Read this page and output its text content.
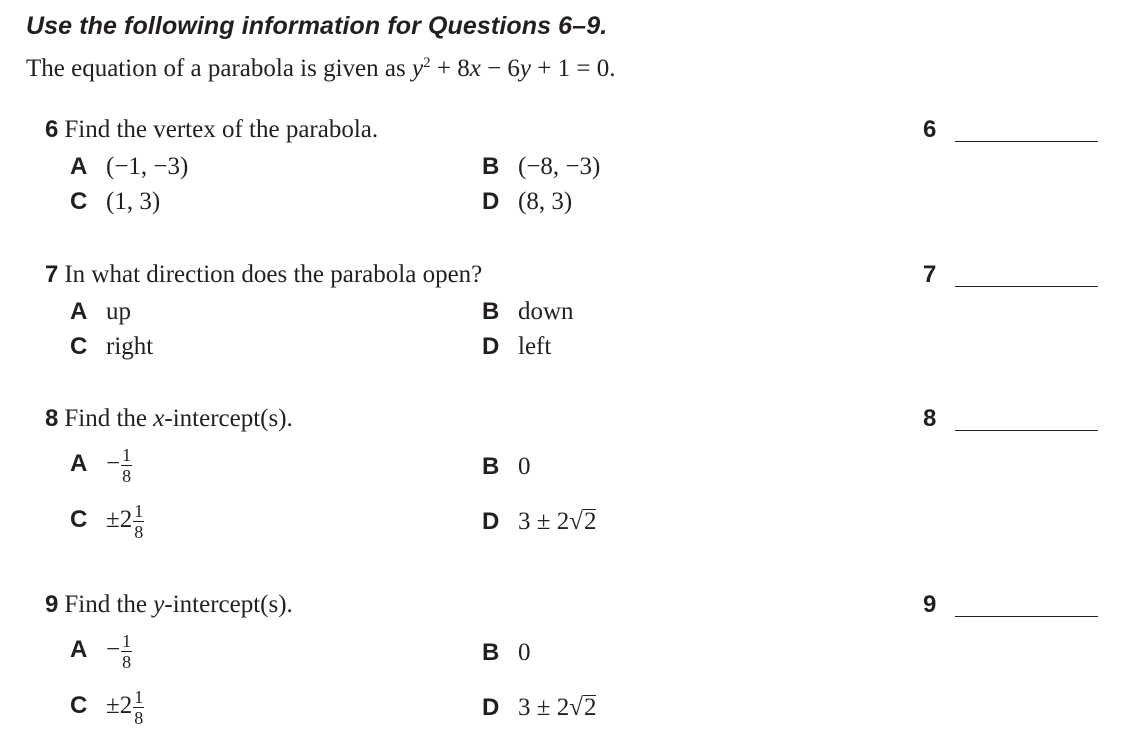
Use the following information for Questions 6–9.
The equation of a parabola is given as $y^2 + 8x - 6y + 1 = 0$.
6 Find the vertex of the parabola.	6
A (−1, −3)	B (−8, −3)
C (1, 3)	D (8, 3)
7 In what direction does the parabola open?	7
A up	B down
C right	D left
8 Find the x-intercept(s).	8
$A - \frac{1}{8}$	B 0
$C \pm 2 \frac{1}{8}$	D 3 ± 2√2
9 Find the y-intercept(s).	9
$A - \frac{1}{8}$	B 0
$C \pm 2 \frac{1}{8}$	D 3 ± 2√2
